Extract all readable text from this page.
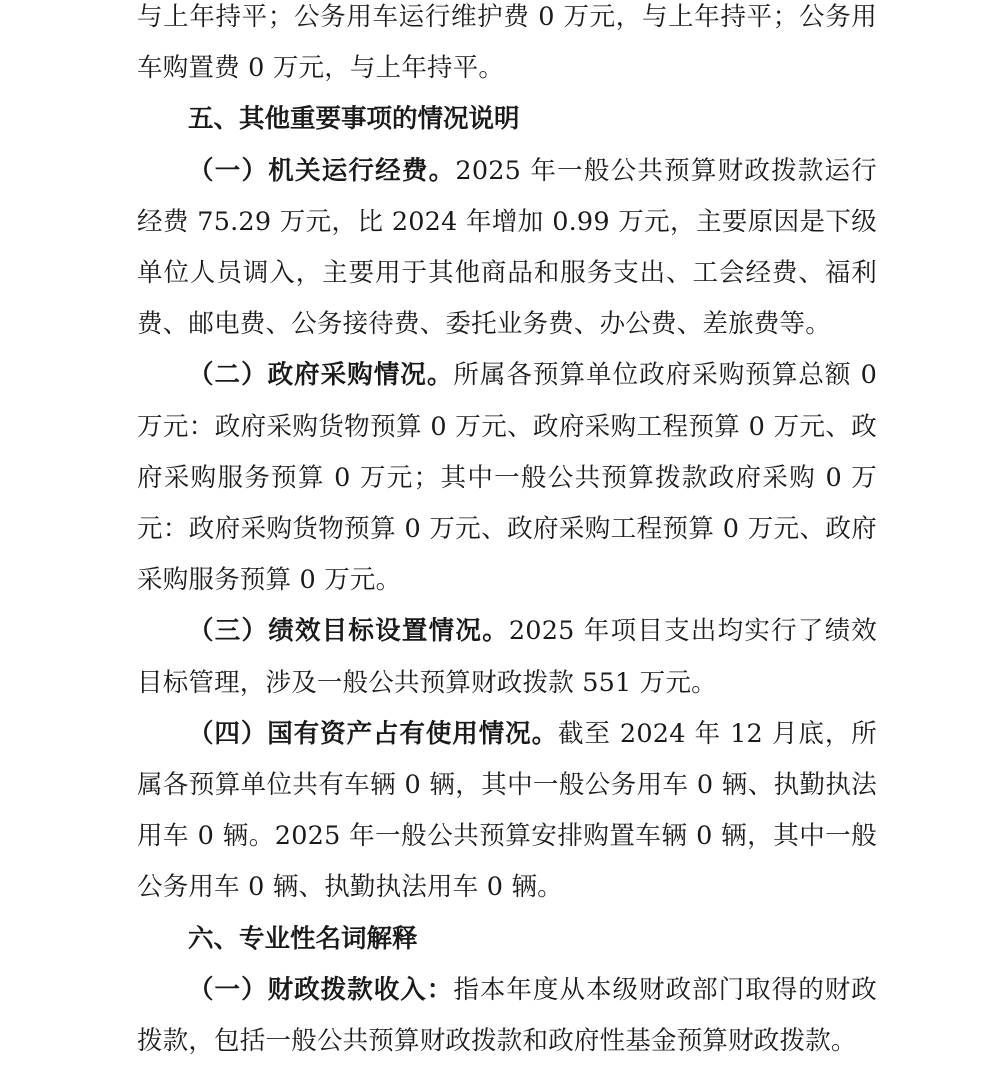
与上年持平；公务用车运行维护费 0 万元，与上年持平；公务用车购置费 0 万元，与上年持平。

五、其他重要事项的情况说明

（一）机关运行经费。2025 年一般公共预算财政拨款运行经费 75.29 万元，比 2024 年增加 0.99 万元，主要原因是下级单位人员调入，主要用于其他商品和服务支出、工会经费、福利费、邮电费、公务接待费、委托业务费、办公费、差旅费等。

（二）政府采购情况。所属各预算单位政府采购预算总额 0 万元：政府采购货物预算 0 万元、政府采购工程预算 0 万元、政府采购服务预算 0 万元；其中一般公共预算拨款政府采购 0 万元：政府采购货物预算 0 万元、政府采购工程预算 0 万元、政府采购服务预算 0 万元。

（三）绩效目标设置情况。2025 年项目支出均实行了绩效目标管理，涉及一般公共预算财政拨款 551 万元。

（四）国有资产占有使用情况。截至 2024 年 12 月底，所属各预算单位共有车辆 0 辆，其中一般公务用车 0 辆、执勤执法用车 0 辆。2025 年一般公共预算安排购置车辆 0 辆，其中一般公务用车 0 辆、执勤执法用车 0 辆。

六、专业性名词解释

（一）财政拨款收入：指本年度从本级财政部门取得的财政拨款，包括一般公共预算财政拨款和政府性基金预算财政拨款。
